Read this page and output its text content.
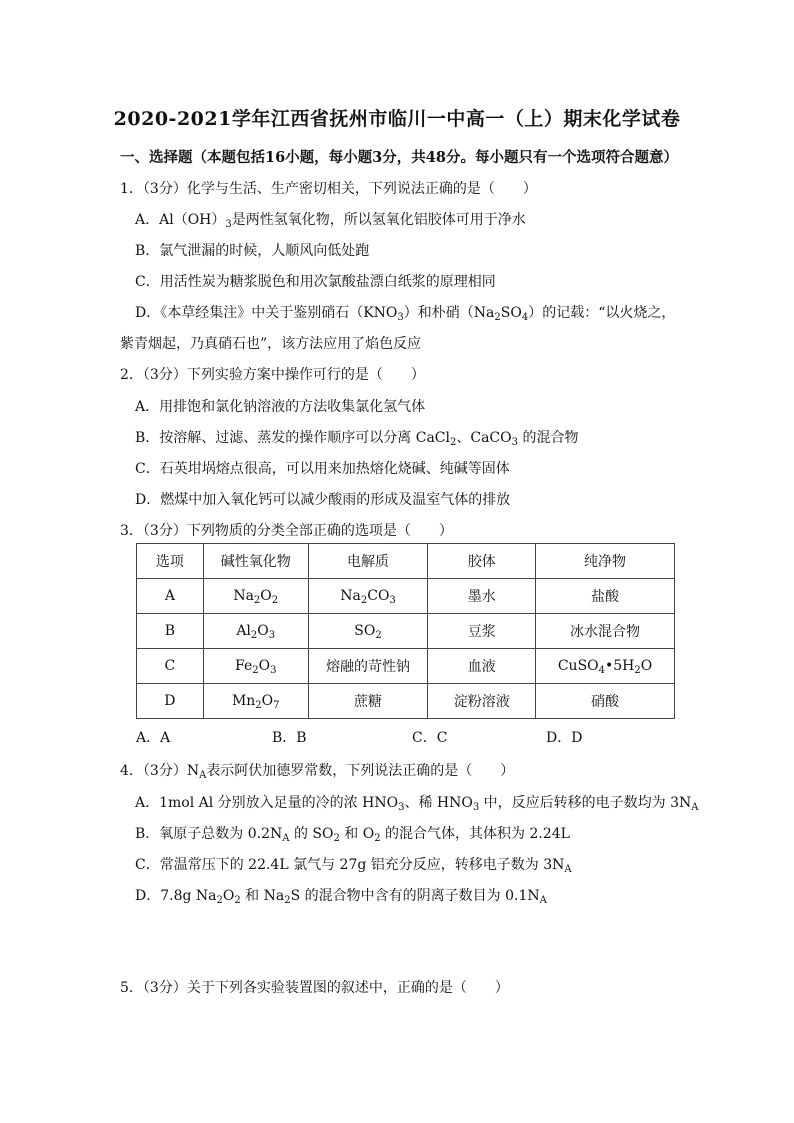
2020-2021学年江西省抚州市临川一中高一（上）期末化学试卷
一、选择题（本题包括16小题，每小题3分，共48分。每小题只有一个选项符合题意）
1．（3分）化学与生活、生产密切相关，下列说法正确的是（　　）
A．$Al(OH)_3$是两性氢氧化物，所以氢氧化铝胶体可用于净水
B．氯气泄漏的时候，人顺风向低处跑
C．用活性炭为糖浆脱色和用次氯酸盐漂白纸浆的原理相同
D．《本草经集注》中关于鉴别硝石$(KNO_3)$和朴硝$(Na_2SO_4)$的记载：“以火烧之，
紫青烟起，乃真硝石也”，该方法应用了焰色反应
2．（3分）下列实验方案中操作可行的是（　　）
A．用排饱和氯化钠溶液的方法收集氯化氢气体
B．按溶解、过滤、蒸发的操作顺序可以分离 CaCl$_2$、CaCO$_3$ 的混合物
C．石英坩埚熔点很高，可以用来加热熔化烧碱、纯碱等固体
D．燃煤中加入氧化钙可以减少酸雨的形成及温室气体的排放
3．（3分）下列物质的分类全部正确的选项是（　　）
选项	碱性氧化物	电解质	胶体	纯净物
A	$Na_2O_2$	$Na_2CO_3$	墨水	盐酸
B	$Al_2O_3$	$SO_2$	豆浆	冰水混合物
C	$Fe_2O_3$	熔融的苛性钠	血液	$CuSO_4•5H_2O$
D	$Mn_2O_7$	蔗糖	淀粉溶液	硝酸
A．A	B．B	C．C	D．D
4．（3分）$N_A$表示阿伏加德罗常数，下列说法正确的是（　　）
A．1mol Al 分别放入足量的冷的浓 $HNO_3$、稀 $HNO_3$ 中，反应后转移的电子数均为 $3N_A$
B．氧原子总数为 $0.2N_A$ 的 $SO_2$ 和 $O_2$ 的混合气体，其体积为 2.24L
C．常温常压下的 22.4L 氯气与 27g 铝充分反应，转移电子数为 $3N_A$
D．7.8g $Na_2O_2$ 和 $Na_2S$ 的混合物中含有的阴离子数目为 $0.1N_A$
5．（3分）关于下列各实验装置图的叙述中，正确的是（　　）
